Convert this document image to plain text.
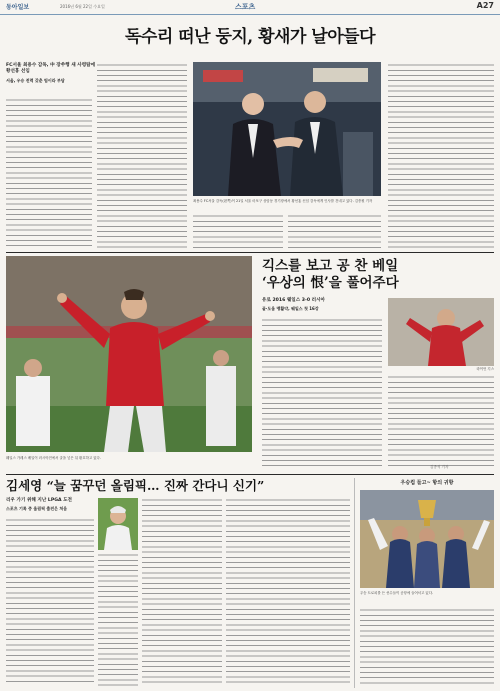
동아일보	2016년 6월 22일 수요일	스포츠	A27
독수리 떠난 둥지, 황새가 날아들다
FC서울 최용수 감독, 中 장쑤행 새 사령탑에 황선홍 선임
서울, 우승 전력 갖춘 팀이라 부담
최용수 FC서울 감독(왼쪽)이 21일 서울 마포구 상암동 경기장에서 황선홍 신임 감독에게 인사를 건네고 있다. 김종원 기자
웨일스 가레스 베일이 러시아전에서 골을 넣은 뒤 환호하고 있다.
긱스를 보고 공 찬 베일
‘우상의 恨’을 풀어주다
유로 2016 웨일스 3-0 러시아
골·도움 맹활약, 웨일스 첫 16강
라이언 긱스
김종석 기자
김세영 “늘 꿈꾸던 올림픽… 진짜 간다니 신기”
리우 가기 위해 지난 LPGA 도전
스포츠 기록 중 올림픽 출전은 처음
우승컵 들고~ 항의 귀항
우승 트로피를 든 선수들이 공항에 들어서고 있다.
